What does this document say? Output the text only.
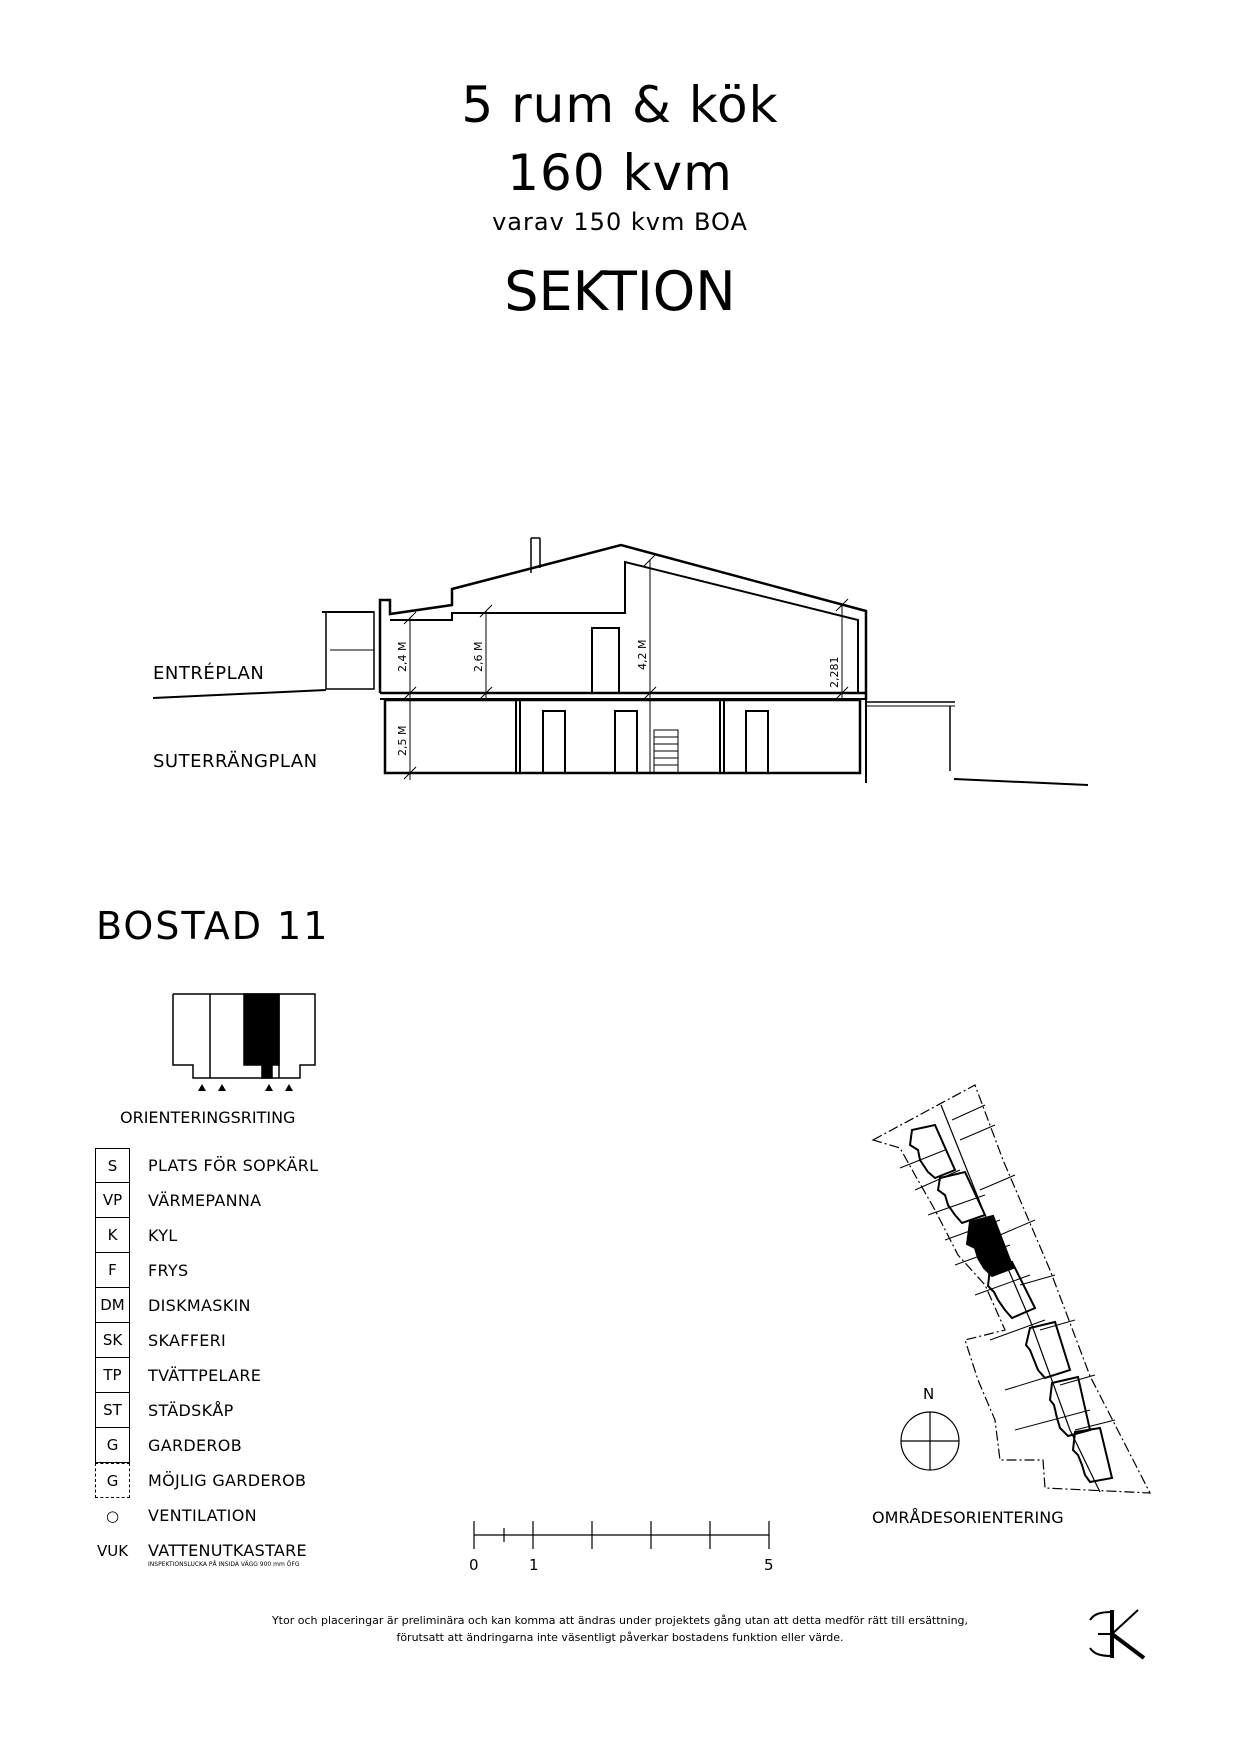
5 rum & kök
160 kvm
varav 150 kvm BOA
SEKTION
2,4 M	2,6 M	4,2 M
2,281
2,5 M
ENTRÉPLAN
SUTERRÄNGPLAN
BOSTAD 11
ORIENTERINGSRITING
S	PLATS FÖR SOPKÄRL
VP	VÄRMEPANNA
K	KYL
F	FRYS
DM	DISKMASKIN
SK	SKAFFERI
TP	TVÄTTPELARE
ST	STÄDSKÅP
G	GARDEROB
G	MÖJLIG GARDEROB
○	VENTILATION
VUK VATTENUTKASTARE
INSPEKTIONSLUCKA PÅ INSIDA VÄGG 900 mm ÖFG	0	1	5
N
OMRÅDESORIENTERING
Ytor och placeringar är preliminära och kan komma att ändras under projektets gång utan att detta medför rätt till ersättning,
förutsatt att ändringarna inte väsentligt påverkar bostadens funktion eller värde.
